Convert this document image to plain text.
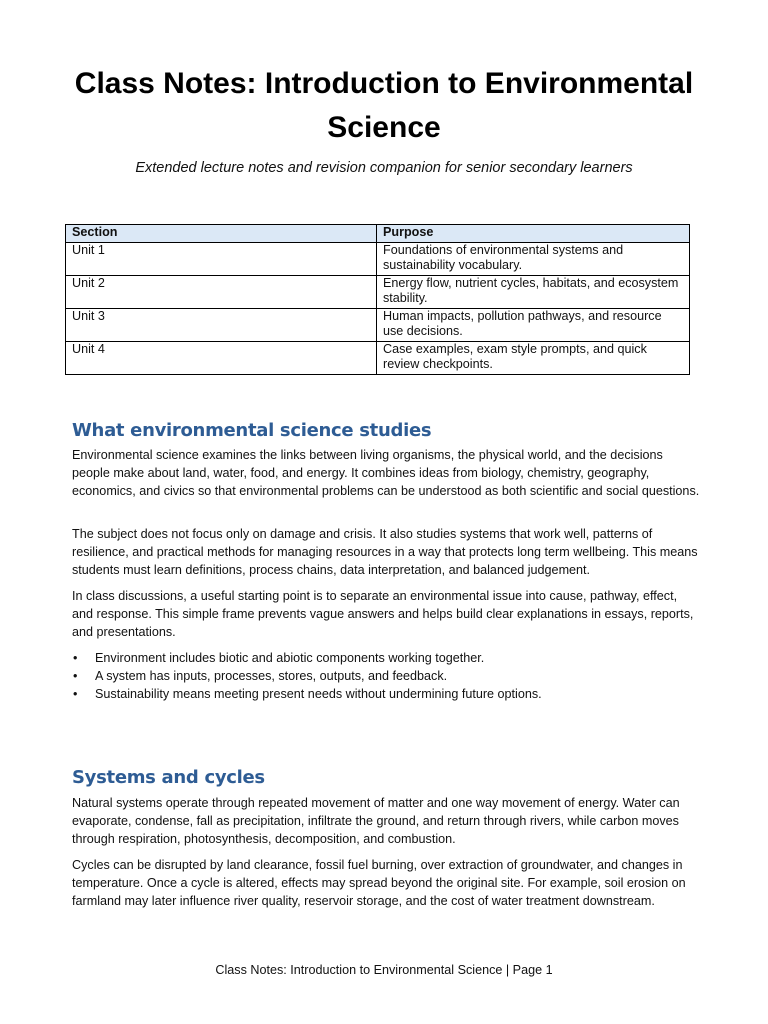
Class Notes: Introduction to Environmental Science

Extended lecture notes and revision companion for senior secondary learners

Section	Purpose
Unit 1	Foundations of environmental systems and sustainability vocabulary.
Unit 2	Energy flow, nutrient cycles, habitats, and ecosystem stability.
Unit 3	Human impacts, pollution pathways, and resource use decisions.
Unit 4	Case examples, exam style prompts, and quick review checkpoints.
What environmental science studies

Environmental science examines the links between living organisms, the physical world, and the decisions people make about land, water, food, and energy. It combines ideas from biology, chemistry, geography, economics, and civics so that environmental problems can be understood as both scientific and social questions.

The subject does not focus only on damage and crisis. It also studies systems that work well, patterns of resilience, and practical methods for managing resources in a way that protects long term wellbeing. This means students must learn definitions, process chains, data interpretation, and balanced judgement.

In class discussions, a useful starting point is to separate an environmental issue into cause, pathway, effect, and response. This simple frame prevents vague answers and helps build clear explanations in essays, reports, and presentations.

• Environment includes biotic and abiotic components working together.
• A system has inputs, processes, stores, outputs, and feedback.
• Sustainability means meeting present needs without undermining future options.
Systems and cycles

Natural systems operate through repeated movement of matter and one way movement of energy. Water can evaporate, condense, fall as precipitation, infiltrate the ground, and return through rivers, while carbon moves through respiration, photosynthesis, decomposition, and combustion.

Cycles can be disrupted by land clearance, fossil fuel burning, over extraction of groundwater, and changes in temperature. Once a cycle is altered, effects may spread beyond the original site. For example, soil erosion on farmland may later influence river quality, reservoir storage, and the cost of water treatment downstream.

Class Notes: Introduction to Environmental Science | Page 1
